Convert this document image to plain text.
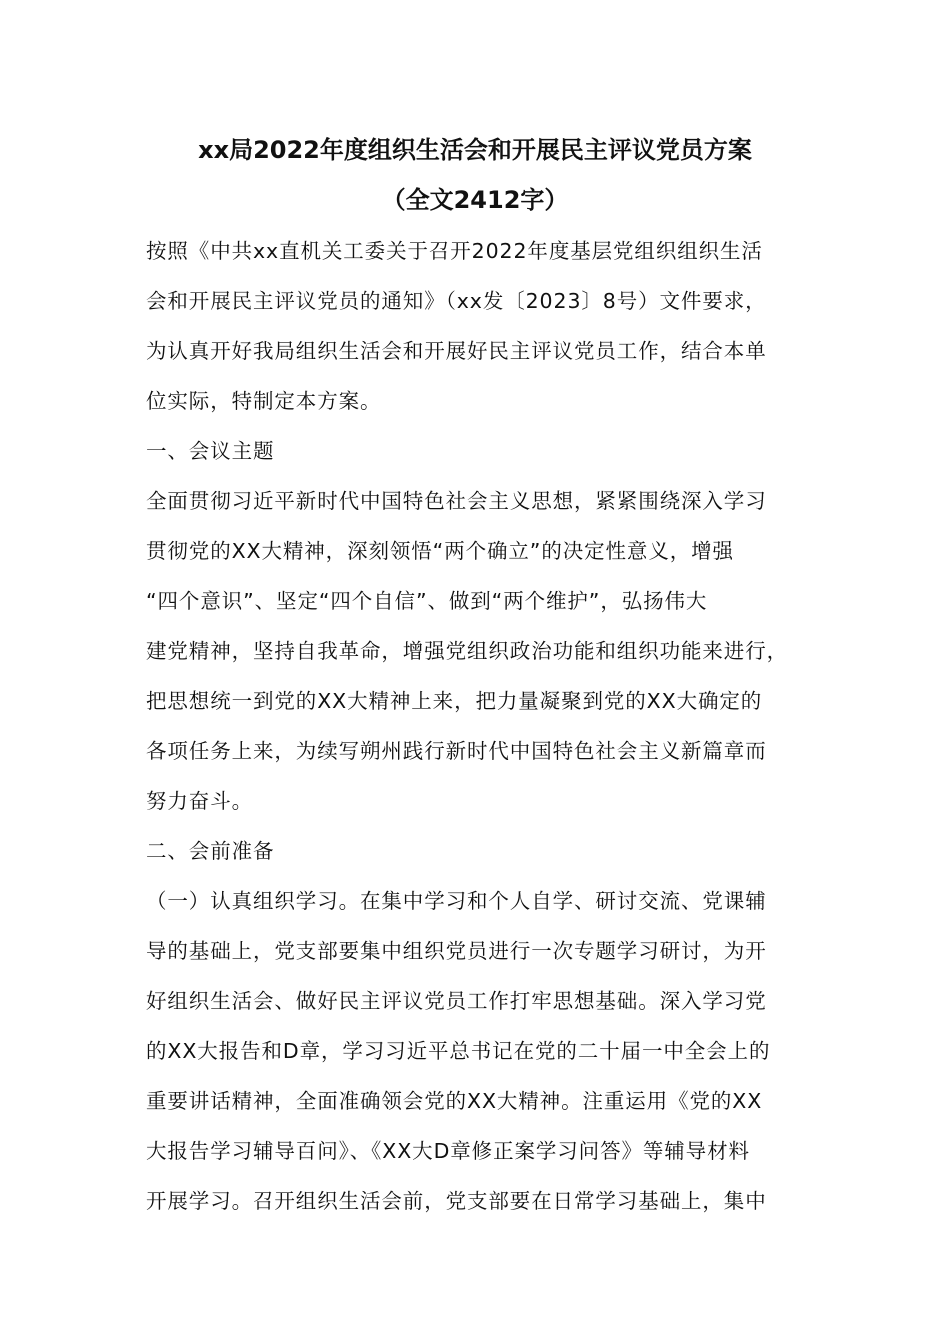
xx局2022年度组织生活会和开展民主评议党员方案
（全文2412字）
按照《中共xx直机关工委关于召开2022年度基层党组织组织生活
会和开展民主评议党员的通知》（xx发〔2023〕8号）文件要求，
为认真开好我局组织生活会和开展好民主评议党员工作，结合本单
位实际，特制定本方案。
一、会议主题
全面贯彻习近平新时代中国特色社会主义思想，紧紧围绕深入学习
贯彻党的XX大精神，深刻领悟“两个确立”的决定性意义，增强
“四个意识”、坚定“四个自信”、做到“两个维护”，弘扬伟大
建党精神，坚持自我革命，增强党组织政治功能和组织功能来进行，
把思想统一到党的XX大精神上来，把力量凝聚到党的XX大确定的
各项任务上来，为续写朔州践行新时代中国特色社会主义新篇章而
努力奋斗。
二、会前准备
（一）认真组织学习。在集中学习和个人自学、研讨交流、党课辅
导的基础上，党支部要集中组织党员进行一次专题学习研讨，为开
好组织生活会、做好民主评议党员工作打牢思想基础。深入学习党
的XX大报告和D章，学习习近平总书记在党的二十届一中全会上的
重要讲话精神，全面准确领会党的XX大精神。注重运用《党的XX
大报告学习辅导百问》、《XX大D章修正案学习问答》等辅导材料
开展学习。召开组织生活会前，党支部要在日常学习基础上，集中
